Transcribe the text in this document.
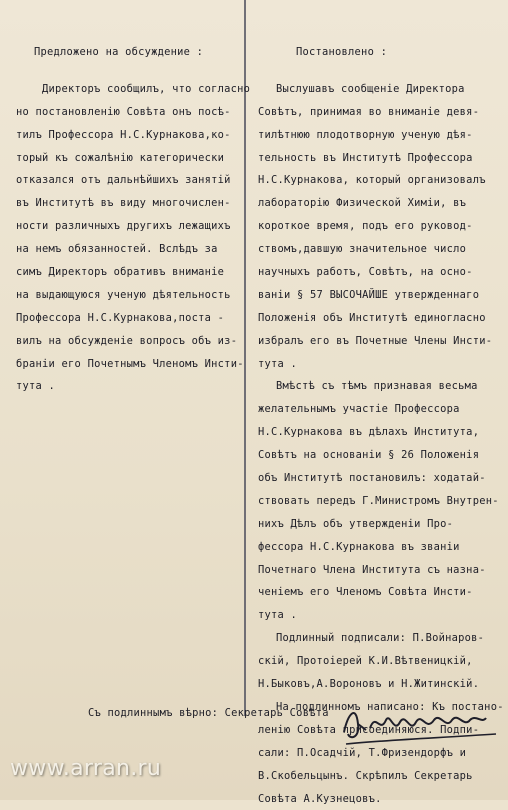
Предложено на обсуждение :
Директоръ сообщилъ, что согласно
но постановленію Совѣта онъ посѣ-
тилъ Профессора Н.С.Курнакова,ко-
торый къ сожалѣнію категорически
отказался отъ дальнѣйшихъ занятій
въ Институтѣ въ виду многочислен-
ности различныхъ другихъ лежащихъ
на немъ обязанностей. Вслѣдъ за
симъ Директоръ обративъ вниманіе
на выдающуюся ученую дѣятельность
Профессора Н.С.Курнакова,поста -
вилъ на обсужденіе вопросъ объ из-
браніи его Почетнымъ Членомъ Инсти-
тута .
Постановлено :
Выслушавъ сообщеніе Директора
Совѣтъ, принимая во вниманіе девя-
тилѣтнюю плодотворную ученую дѣя-
тельность въ Институтѣ Профессора
Н.С.Курнакова, который организовалъ
лабораторію Физической Химіи, въ
короткое время, подъ его руковод-
ствомъ,давшую значительное число
научныхъ работъ, Совѣтъ, на осно-
ваніи § 57 ВЫСОЧАЙШЕ утвержденнаго
Положенія объ Институтѣ единогласно
избралъ его въ Почетные Члены Инсти-
тута .
Вмѣстѣ съ тѣмъ признавая весьма
желательнымъ участіе Профессора
Н.С.Курнакова въ дѣлахъ Института,
Совѣтъ на основаніи § 26 Положенія
объ Институтѣ постановилъ: ходатай-
ствовать передъ Г.Министромъ Внутрен-
нихъ Дѣлъ объ утвержденіи Про-
фессора Н.С.Курнакова въ званіи
Почетнаго Члена Института съ назна-
ченіемъ его Членомъ Совѣта Инсти-
тута .
Подлинный подписали: П.Войнаров-
скій, Протоіерей К.И.Вѣтвеницкій,
Н.Быковъ,А.Вороновъ и Н.Житинскій.
На подлинномъ написано: Къ постано-
ленію Совѣта присоединяюся. Подпи-
сали: П.Осадчій, Т.Фризендорфъ и
В.Скобельцынъ. Скрѣпилъ Секретарь
Совѣта А.Кузнецовъ.
Съ подлиннымъ вѣрно: Секретарь Совѣта
www.arran.ru
